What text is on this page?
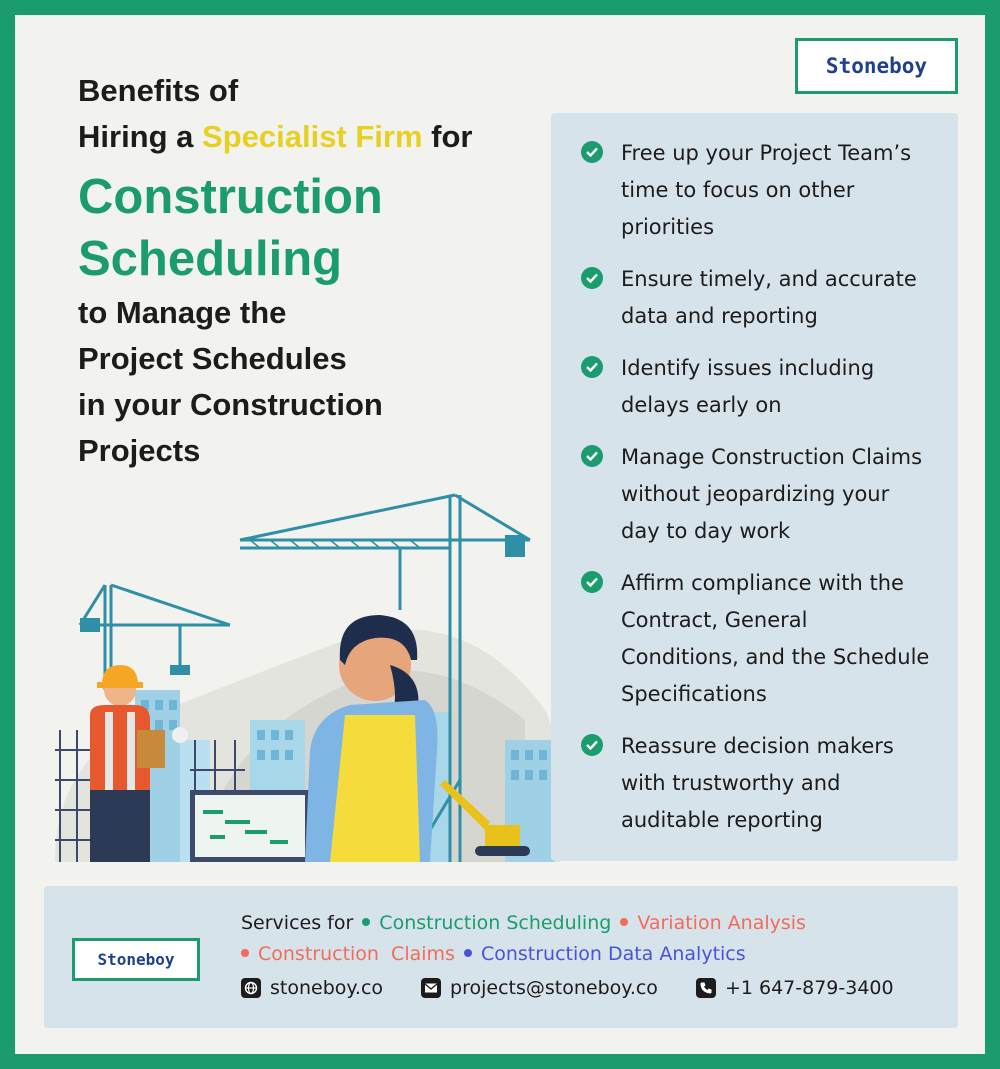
Stoneboy
Benefits of
Hiring a Specialist Firm for
Construction
Scheduling
to Manage the
Project Schedules
in your Construction
Projects
Free up your Project Team’s time to focus on other priorities
Ensure timely, and accurate data and reporting
Identify issues including delays early on
Manage Construction Claims without jeopardizing your day to day work
Affirm compliance with the Contract, General Conditions, and the Schedule Specifications
Reassure decision makers with trustworthy and auditable reporting
Stoneboy
Services for Construction Scheduling Variation Analysis
Construction  Claims Construction Data Analytics
stoneboy.co	projects@stoneboy.co	+1 647-879-3400
